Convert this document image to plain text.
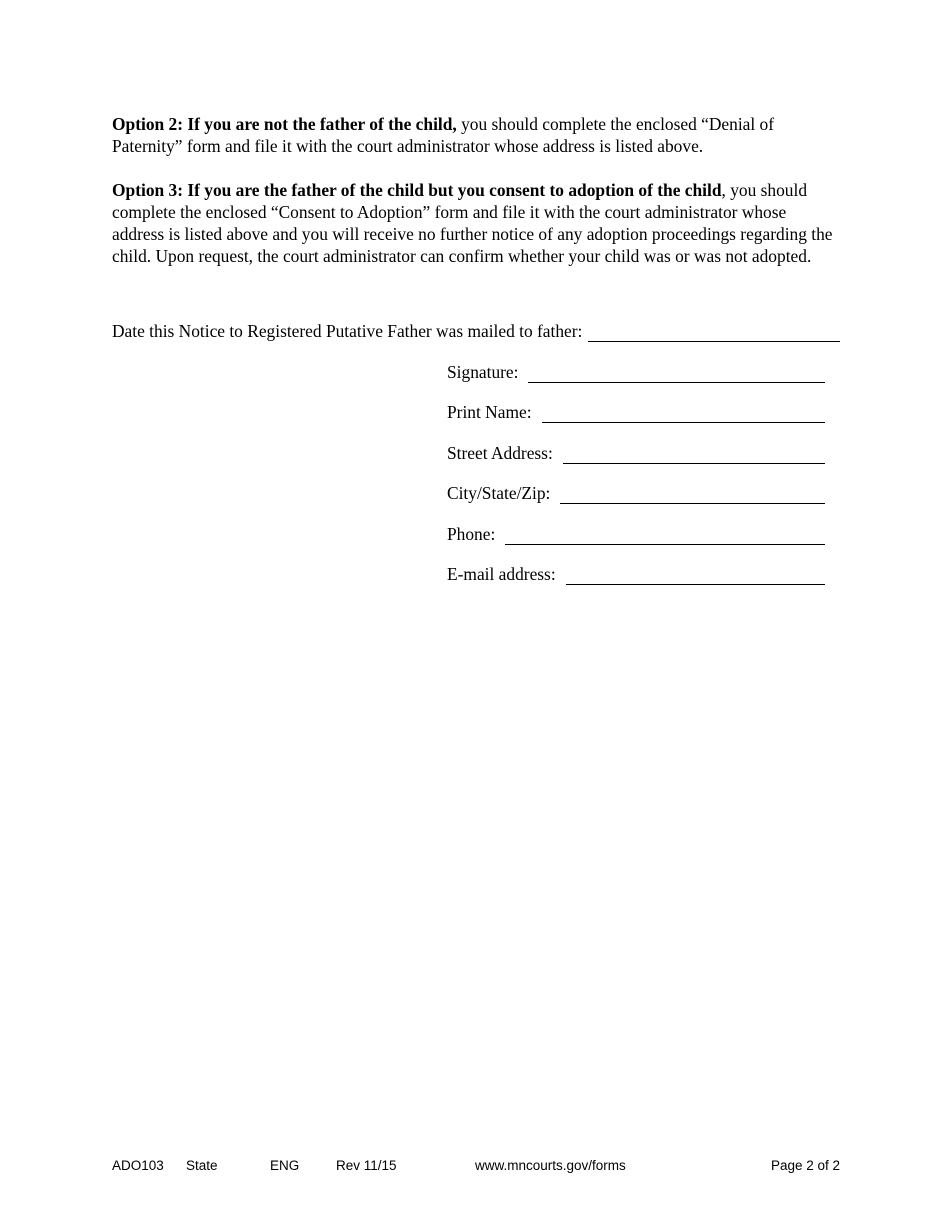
Option 2: If you are not the father of the child, you should complete the enclosed “Denial of Paternity” form and file it with the court administrator whose address is listed above.

Option 3: If you are the father of the child but you consent to adoption of the child, you should complete the enclosed “Consent to Adoption” form and file it with the court administrator whose address is listed above and you will receive no further notice of any adoption proceedings regarding the child. Upon request, the court administrator can confirm whether your child was or was not adopted.

Date this Notice to Registered Putative Father was mailed to father:
Signature:
Print Name:
Street Address:
City/State/Zip:
Phone:
E-mail address:
ADO103 State	ENG	Rev 11/15	www.mncourts.gov/forms	Page 2 of 2
